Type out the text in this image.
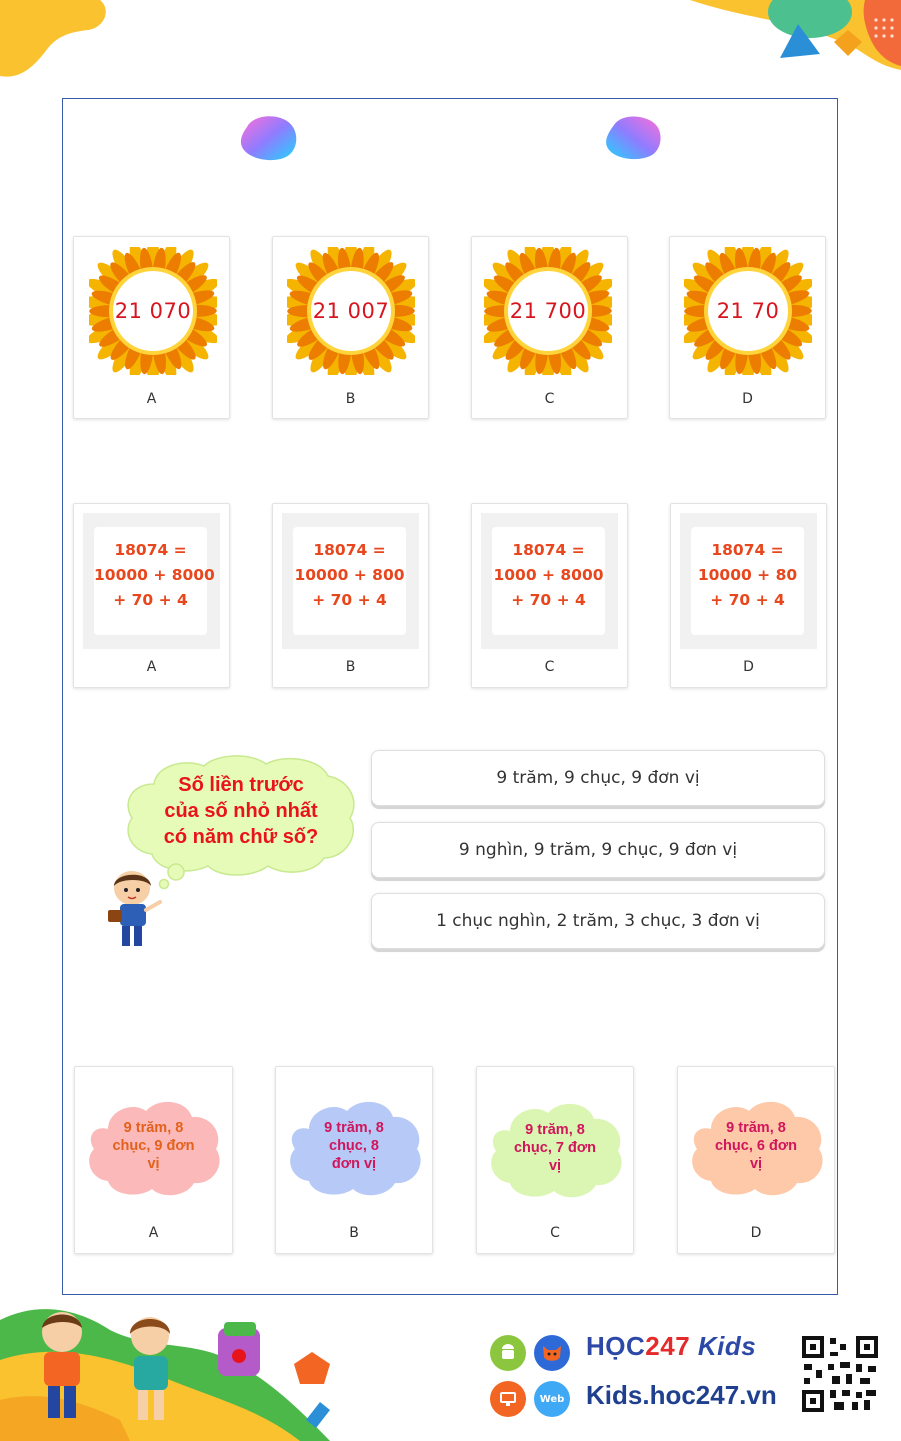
21 070
A
21 007
B
21 700
C
21 70
D
18074 =
10000 + 8000
+ 70 + 4
A
18074 =
10000 + 800
+ 70 + 4
B
18074 =
1000 + 8000
+ 70 + 4
C
18074 =
10000 + 80
+ 70 + 4
D
Số liền trước
của số nhỏ nhất
có năm chữ số?
9 trăm, 9 chục, 9 đơn vị
9 nghìn, 9 trăm, 9 chục, 9 đơn vị
1 chục nghìn, 2 trăm, 3 chục, 3 đơn vị
9 trăm, 8
chục, 9 đơn
vị
A
9 trăm, 8
chục, 8
đơn vị
B
9 trăm, 8
chục, 7 đơn
vị
C
9 trăm, 8
chục, 6 đơn
vị
D
Web
HỌC247 Kids
Kids.hoc247.vn
